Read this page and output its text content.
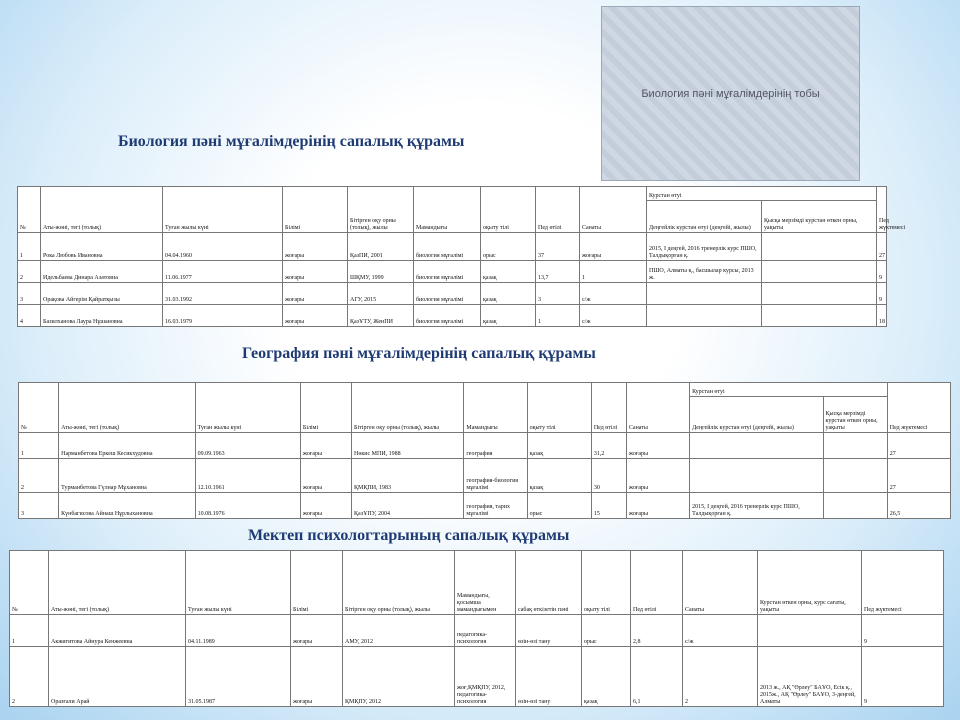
Биология пәні мұғалімдерінің тобы
Биология пәні мұғалімдерінің сапалық құрамы
№	Аты-жөні, тегі (толық)	Туған жылы күні	Білімі	Бітірген оқу орны (толық), жылы	Мамандығы	оқыту тілі	Пед өтілі	Санаты	Курстан өтуі		Пед жүктемесі
									Деңгейлік курстан өтуі (деңгейі, жылы)	Қысқа мерзімді курстан өткен орны, уақыты	
1	Рока Любовь Ивановна	04.04.1960	жоғары	ҚазПИ, 2001	биология мұғалімі	орыс	37	жоғары	2015, I деңгей, 2016 тренерлік курс ПШО, Талдықорған қ.		27
2	Идельбаева Динара Азатовна	11.06.1977	жоғары	ШҚМУ, 1999	биология мұғалімі	қазақ	13,7	1	ПШО, Алматы қ., басшылар курсы, 2013 ж.		9
3	Орақова Айгерім Қайратқызы	31.03.1992	жоғары	АГУ, 2015	биология мұғалімі	қазақ	3	с/ж			9
4	Базилханова Лаура Нұшановна	16.03.1979	жоғары	ҚазҰТУ, ЖенПИ	биология мұғалімі	қазақ	1	с/ж			18
География пәні мұғалімдерінің сапалық құрамы
№	Аты-жөні, тегі (толық)	Туған жылы күні	Білімі	Бітірген оқу орны (толық), жылы	Мамандығы	оқыту тілі	Пед өтілі	Санаты	Курстан өтуі		Пед жүктемесі
									Деңгейлік курстан өтуі (деңгейі, жылы)	Қысқа мерзімді курстан өткен орны, уақыты	
1	Нарманбетова Еркеш Кесикхудовна	09.09.1963	жоғары	Нөкис МПИ, 1988	география	қазақ	31,2	жоғары			27
2	Турманбетова Гүлнар Мұхановна	12.10.1961	жоғары	ҚМҚПИ, 1983	география-биология мұғалімі	қазақ	30	жоғары			27
3	Күнбагисова Айнаш Нұрлыхановна	10.08.1976	жоғары	ҚазҰПУ, 2004	география, тарих мұғалімі	орыс	15	жоғары	2015, I деңгей, 2016 тренерлік курс ПШО, Талдықорған қ.		26,5
Мектеп психологтарының сапалық құрамы
№	Аты-жөні, тегі (толық)	Туған жылы күні	Білімі	Бітірген оқу орны (толық), жылы	Мамандығы, қосымша мамандығымен	сабақ өткізетін пәні	оқыту тілі	Пед өтілі	Санаты	Курстан өткен орны, курс сағаты, уақыты	Пед жүктемесі
1	Акжигитова Айнура Кенжеевна	04.11.1989	жоғары	АМУ, 2012	педагогика-психология	өзін-өзі тану	орыс	2,8	с/ж		9
2	Оразғали Арай	31.05.1987	жоғары	ҚМҚПУ, 2012	жоғ,ҚМҚПУ, 2012, педагогика-психология	өзін-өзі тану	қазақ	6,1	2	2013 ж., АҚ "Өрлеу" БАҰО, Есік қ., 2015ж., АҚ "Өрлеу" БАҰО, 3-деңгей, Алматы	9
